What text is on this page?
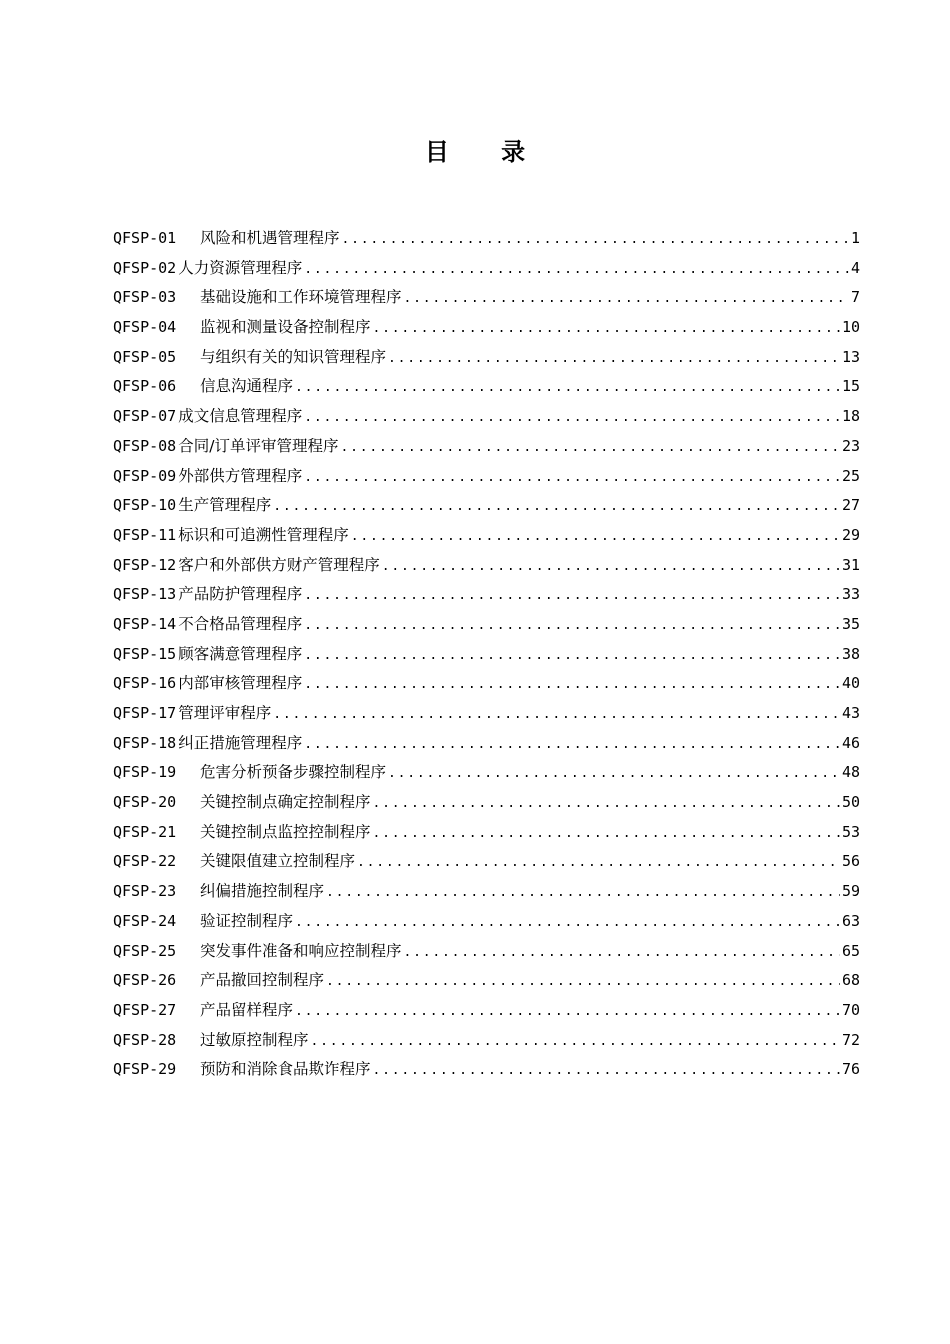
目 录
QFSP-01	风险和机遇管理程序 .....	1
QFSP-02 人力资源管理程序 .....	4
QFSP-03	基础设施和工作环境管理程序 .....	7
QFSP-04	监视和测量设备控制程序 .....	10
QFSP-05	与组织有关的知识管理程序 .....	13
QFSP-06	信息沟通程序 .....	15
QFSP-07 成文信息管理程序 .....	18
QFSP-08 合同/订单评审管理程序 .....	23
QFSP-09 外部供方管理程序 .....	25
QFSP-10 生产管理程序 .....	27
QFSP-11 标识和可追溯性管理程序 .....	29
QFSP-12 客户和外部供方财产管理程序 .....	31
QFSP-13 产品防护管理程序 .....	33
QFSP-14 不合格品管理程序 .....	35
QFSP-15 顾客满意管理程序 .....	38
QFSP-16 内部审核管理程序 .....	40
QFSP-17 管理评审程序 .....	43
QFSP-18 纠正措施管理程序 .....	46
QFSP-19	危害分析预备步骤控制程序 .....	48
QFSP-20	关键控制点确定控制程序 .....	50
QFSP-21	关键控制点监控控制程序 .....	53
QFSP-22	关键限值建立控制程序 .....	56
QFSP-23	纠偏措施控制程序 .....	59
QFSP-24	验证控制程序 .....	63
QFSP-25	突发事件准备和响应控制程序 .....	65
QFSP-26	产品撤回控制程序 .....	68
QFSP-27	产品留样程序 .....	70
QFSP-28	过敏原控制程序 .....	72
QFSP-29	预防和消除食品欺诈程序 .....	76
